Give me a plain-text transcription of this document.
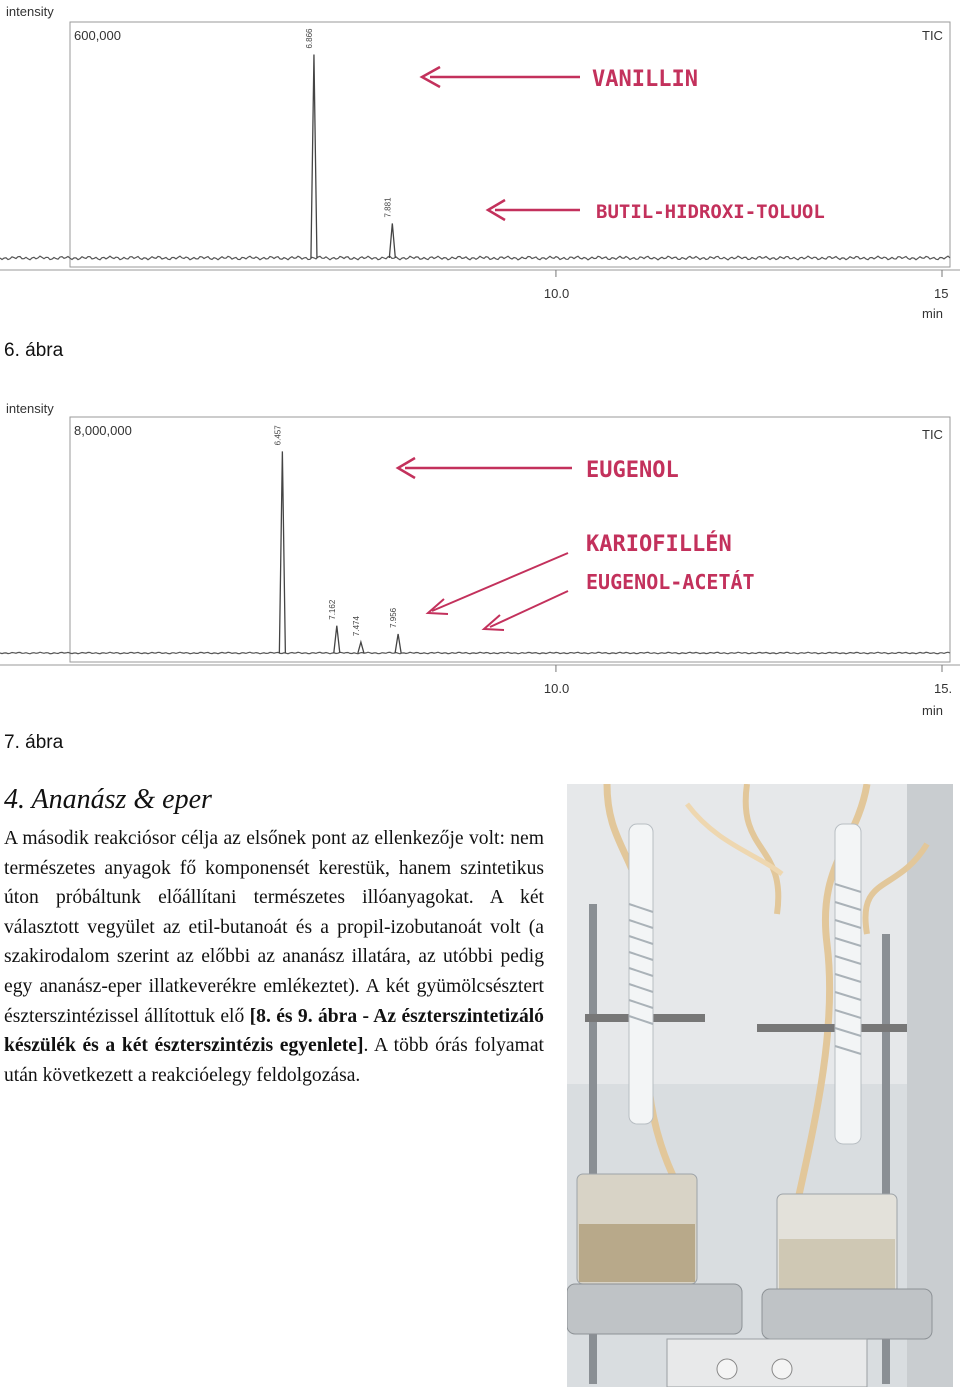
intensity
600,000	TIC
6.866
7.881
10.0	15
min
VANILLIN
BUTIL-HIDROXI-TOLUOL
6. ábra
intensity
8,000,000	TIC
6.457
7.162
7.474	7.956
10.0	15.
min
EUGENOL
KARIOFILLÉN
EUGENOL-ACETÁT
7. ábra
4. Ananász & eper

A második reakciósor célja az elsőnek pont az ellenkezője volt: nem természetes anyagok fő komponensét kerestük, hanem szintetikus úton próbáltunk előállítani természetes illóanyagokat. A két választott vegyület az etil-butanoát és a propil-izobutanoát volt (a szakirodalom szerint az előbbi az ananász illatára, az utóbbi pedig egy ananász-eper illatkeverékre emlékeztet). A két gyümölcsésztert észterszintézissel állítottuk elő [8. és 9. ábra - Az észterszintetizáló készülék és a két észterszintézis egyenlete]. A több órás folyamat után következett a reakcióelegy feldolgozása.
